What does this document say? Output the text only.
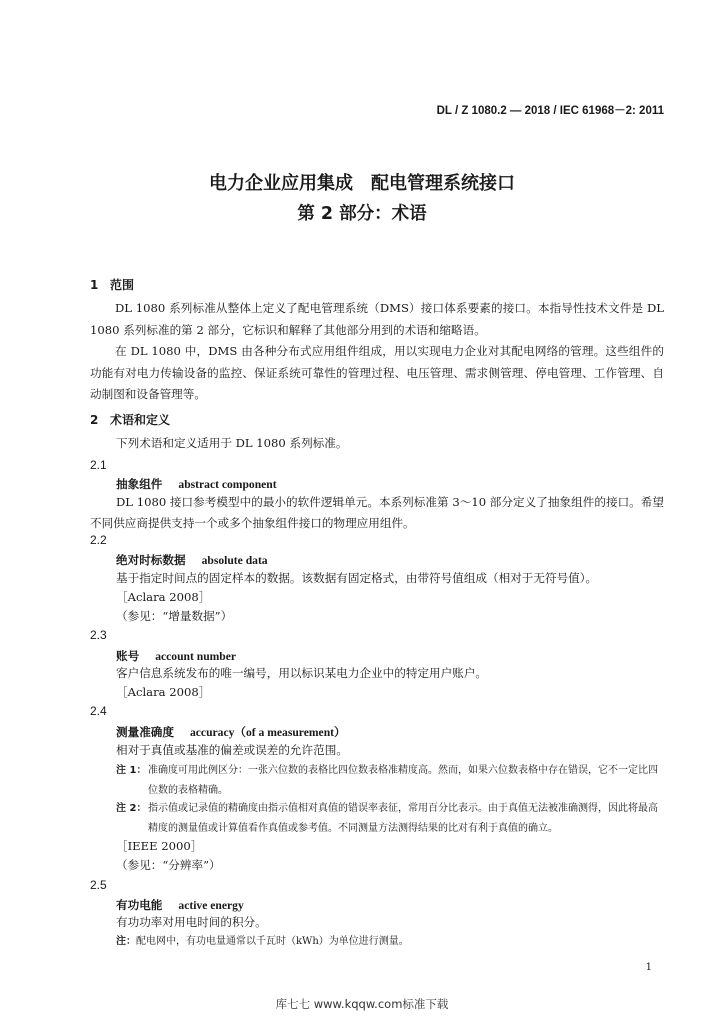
DL / Z 1080.2 — 2018 / IEC 61968－2: 2011
电力企业应用集成　配电管理系统接口
第 2 部分：术语
1 范围

DL 1080 系列标准从整体上定义了配电管理系统（DMS）接口体系要素的接口。本指导性技术文件是 DL 1080 系列标准的第 2 部分，它标识和解释了其他部分用到的术语和缩略语。

在 DL 1080 中，DMS 由各种分布式应用组件组成，用以实现电力企业对其配电网络的管理。这些组件的功能有对电力传输设备的监控、保证系统可靠性的管理过程、电压管理、需求侧管理、停电管理、工作管理、自动制图和设备管理等。

2 术语和定义
下列术语和定义适用于 DL 1080 系列标准。
2.1
抽象组件 abstract component

DL 1080 接口参考模型中的最小的软件逻辑单元。本系列标准第 3～10 部分定义了抽象组件的接口。希望不同供应商提供支持一个或多个抽象组件接口的物理应用组件。

2.2
绝对时标数据 absolute data
基于指定时间点的固定样本的数据。该数据有固定格式，由带符号值组成（相对于无符号值）。
［Aclara 2008］
（参见：“增量数据”）
2.3
账号 account number
客户信息系统发布的唯一编号，用以标识某电力企业中的特定用户账户。
［Aclara 2008］
2.4
测量准确度 accuracy（of a measurement）
相对于真值或基准的偏差或误差的允许范围。
注 1： 准确度可用此例区分：一张六位数的表格比四位数表格准精度高。然而，如果六位数表格中存在错误，它不一定比四位数的表格精确。
注 2： 指示值或记录值的精确度由指示值相对真值的错误率表征，常用百分比表示。由于真值无法被准确测得，因此将最高精度的测量值或计算值看作真值或参考值。不同测量方法测得结果的比对有利于真值的确立。
［IEEE 2000］
（参见：“分辨率”）
2.5
有功电能 active energy
有功功率对用电时间的积分。
注： 配电网中，有功电量通常以千瓦时（kWh）为单位进行测量。
1
库七七 www.kqqw.com标准下载
